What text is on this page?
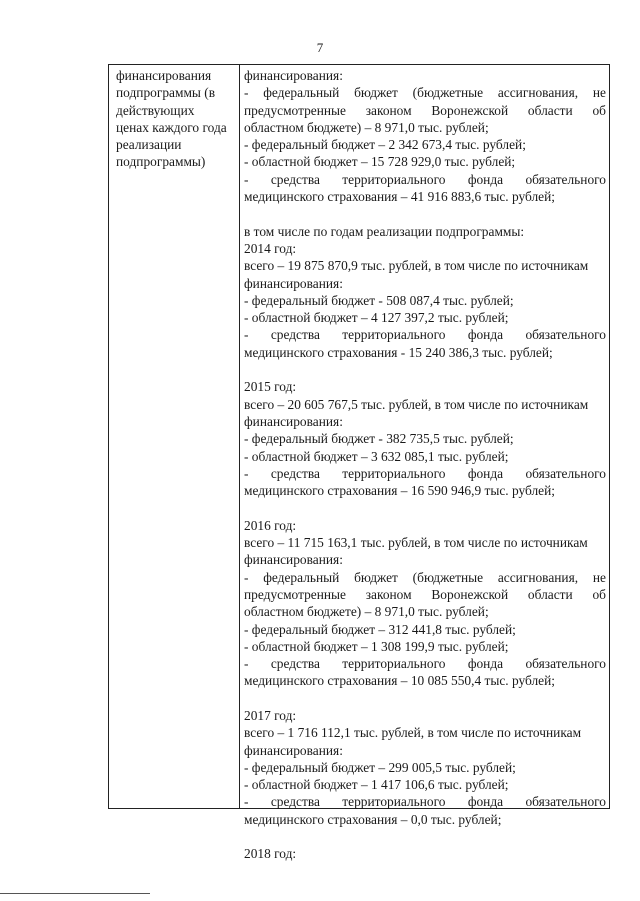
7
финансирования
подпрограммы (в
действующих
ценах каждого года
реализации
подпрограммы)
финансирования:
- федеральный бюджет (бюджетные ассигнования, не
предусмотренные законом Воронежской области об
областном бюджете) – 8 971,0 тыс. рублей;
- федеральный бюджет – 2 342 673,4 тыс. рублей;
- областной бюджет – 15 728 929,0 тыс. рублей;
- средства территориального фонда обязательного
медицинского страхования – 41 916 883,6 тыс. рублей;
в том числе по годам реализации подпрограммы:
2014 год:
всего – 19 875 870,9 тыс. рублей, в том числе по источникам
финансирования:
- федеральный бюджет - 508 087,4 тыс. рублей;
- областной бюджет – 4 127 397,2 тыс. рублей;
- средства территориального фонда обязательного
медицинского страхования - 15 240 386,3 тыс. рублей;
2015 год:
всего – 20 605 767,5 тыс. рублей, в том числе по источникам
финансирования:
- федеральный бюджет - 382 735,5 тыс. рублей;
- областной бюджет – 3 632 085,1 тыс. рублей;
- средства территориального фонда обязательного
медицинского страхования – 16 590 946,9 тыс. рублей;
2016 год:
всего – 11 715 163,1 тыс. рублей, в том числе по источникам
финансирования:
- федеральный бюджет (бюджетные ассигнования, не
предусмотренные законом Воронежской области об
областном бюджете) – 8 971,0 тыс. рублей;
- федеральный бюджет – 312 441,8 тыс. рублей;
- областной бюджет – 1 308 199,9 тыс. рублей;
- средства территориального фонда обязательного
медицинского страхования – 10 085 550,4 тыс. рублей;
2017 год:
всего – 1 716 112,1 тыс. рублей, в том числе по источникам
финансирования:
- федеральный бюджет – 299 005,5 тыс. рублей;
- областной бюджет – 1 417 106,6 тыс. рублей;
- средства территориального фонда обязательного
медицинского страхования – 0,0 тыс. рублей;
2018 год:
